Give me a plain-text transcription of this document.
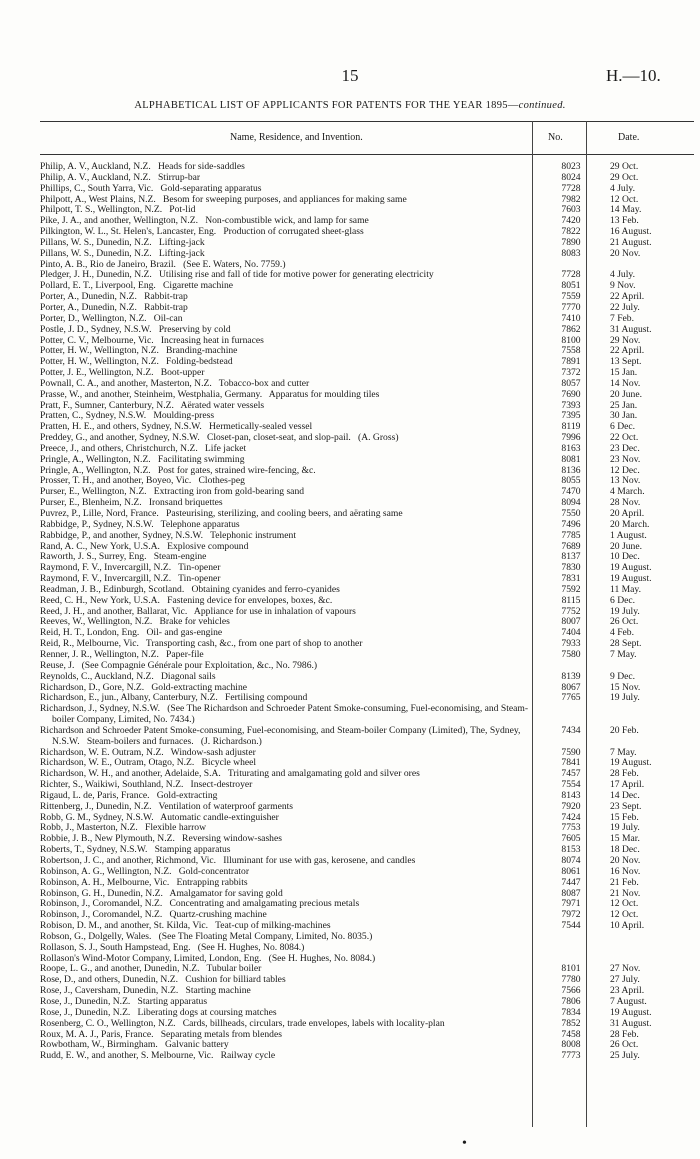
15	H.—10.
ALPHABETICAL LIST OF APPLICANTS FOR PATENTS FOR THE YEAR 1895—continued.
Name, Residence, and Invention.	No.	Date.
Philip, A. V., Auckland, N.Z.   Heads for side-saddles	8023	29 Oct.
Philip, A. V., Auckland, N.Z.   Stirrup-bar	8024	29 Oct.
Phillips, C., South Yarra, Vic.   Gold-separating apparatus	7728	4 July.
Philpott, A., West Plains, N.Z.   Besom for sweeping purposes, and appliances for making same	7982	12 Oct.
Philpott, T. S., Wellington, N.Z.   Pot-lid	7603	14 May.
Pike, J. A., and another, Wellington, N.Z.   Non-combustible wick, and lamp for same	7420	13 Feb.
Pilkington, W. L., St. Helen's, Lancaster, Eng.   Production of corrugated sheet-glass	7822	16 August.
Pillans, W. S., Dunedin, N.Z.   Lifting-jack	7890	21 August.
Pillans, W. S., Dunedin, N.Z.   Lifting-jack	8083	20 Nov.
Pinto, A. B., Rio de Janeiro, Brazil.   (See E. Waters, No. 7759.)
Pledger, J. H., Dunedin, N.Z.   Utilising rise and fall of tide for motive power for generating electricity	7728	4 July.
Pollard, E. T., Liverpool, Eng.   Cigarette machine	8051	9 Nov.
Porter, A., Dunedin, N.Z.   Rabbit-trap	7559	22 April.
Porter, A., Dunedin, N.Z.   Rabbit-trap	7770	22 July.
Porter, D., Wellington, N.Z.   Oil-can	7410	7 Feb.
Postle, J. D., Sydney, N.S.W.   Preserving by cold	7862	31 August.
Potter, C. V., Melbourne, Vic.   Increasing heat in furnaces	8100	29 Nov.
Potter, H. W., Wellington, N.Z.   Branding-machine	7558	22 April.
Potter, H. W., Wellington, N.Z.   Folding-bedstead	7891	13 Sept.
Potter, J. E., Wellington, N.Z.   Boot-upper	7372	15 Jan.
Pownall, C. A., and another, Masterton, N.Z.   Tobacco-box and cutter	8057	14 Nov.
Prasse, W., and another, Steinheim, Westphalia, Germany.   Apparatus for moulding tiles	7690	20 June.
Pratt, F., Sumner, Canterbury, N.Z.   Aërated water vessels	7393	25 Jan.
Pratten, C., Sydney, N.S.W.   Moulding-press	7395	30 Jan.
Pratten, H. E., and others, Sydney, N.S.W.   Hermetically-sealed vessel	8119	6 Dec.
Preddey, G., and another, Sydney, N.S.W.   Closet-pan, closet-seat, and slop-pail.   (A. Gross)	7996	22 Oct.
Preece, J., and others, Christchurch, N.Z.   Life jacket	8163	23 Dec.
Pringle, A., Wellington, N.Z.   Facilitating swimming	8081	23 Nov.
Pringle, A., Wellington, N.Z.   Post for gates, strained wire-fencing, &c.	8136	12 Dec.
Prosser, T. H., and another, Boyeo, Vic.   Clothes-peg	8055	13 Nov.
Purser, E., Wellington, N.Z.   Extracting iron from gold-bearing sand	7470	4 March.
Purser, E., Blenheim, N.Z.   Ironsand briquettes	8094	28 Nov.
Puvrez, P., Lille, Nord, France.   Pasteurising, sterilizing, and cooling beers, and aërating same	7550	20 April.
Rabbidge, P., Sydney, N.S.W.   Telephone apparatus	7496	20 March.
Rabbidge, P., and another, Sydney, N.S.W.   Telephonic instrument	7785	1 August.
Rand, A. C., New York, U.S.A.   Explosive compound	7689	20 June.
Raworth, J. S., Surrey, Eng.   Steam-engine	8137	10 Dec.
Raymond, F. V., Invercargill, N.Z.   Tin-opener	7830	19 August.
Raymond, F. V., Invercargill, N.Z.   Tin-opener	7831	19 August.
Readman, J. B., Edinburgh, Scotland.   Obtaining cyanides and ferro-cyanides	7592	11 May.
Reed, C. H., New York, U.S.A.   Fastening device for envelopes, boxes, &c.	8115	6 Dec.
Reed, J. H., and another, Ballarat, Vic.   Appliance for use in inhalation of vapours	7752	19 July.
Reeves, W., Wellington, N.Z.   Brake for vehicles	8007	26 Oct.
Reid, H. T., London, Eng.   Oil- and gas-engine	7404	4 Feb.
Reid, R., Melbourne, Vic.   Transporting cash, &c., from one part of shop to another	7933	28 Sept.
Renner, J. R., Wellington, N.Z.   Paper-file	7580	7 May.
Reuse, J.   (See Compagnie Générale pour Exploitation, &c., No. 7986.)
Reynolds, C., Auckland, N.Z.   Diagonal sails	8139	9 Dec.
Richardson, D., Gore, N.Z.   Gold-extracting machine	8067	15 Nov.
Richardson, E., jun., Albany, Canterbury, N.Z.   Fertilising compound	7765	19 July.
Richardson, J., Sydney, N.S.W.   (See The Richardson and Schroeder Patent Smoke-consuming, Fuel-economising, and Steam-boiler Company, Limited, No. 7434.)
Richardson and Schroeder Patent Smoke-consuming, Fuel-economising, and Steam-boiler Company (Limited), The, Sydney, N.S.W.   Steam-boilers and furnaces.   (J. Richardson.)
7434	20 Feb.
Richardson, W. E. Outram, N.Z.   Window-sash adjuster	7590	7 May.
Richardson, W. E., Outram, Otago, N.Z.   Bicycle wheel	7841	19 August.
Richardson, W. H., and another, Adelaide, S.A.   Triturating and amalgamating gold and silver ores	7457	28 Feb.
Richter, S., Waikiwi, Southland, N.Z.   Insect-destroyer	7554	17 April.
Rigaud, L. de, Paris, France.   Gold-extracting	8143	14 Dec.
Rittenberg, J., Dunedin, N.Z.   Ventilation of waterproof garments	7920	23 Sept.
Robb, G. M., Sydney, N.S.W.   Automatic candle-extinguisher	7424	15 Feb.
Robb, J., Masterton, N.Z.   Flexible harrow	7753	19 July.
Robbie, J. B., New Plymouth, N.Z.   Reversing window-sashes	7605	15 Mar.
Roberts, T., Sydney, N.S.W.   Stamping apparatus	8153	18 Dec.
Robertson, J. C., and another, Richmond, Vic.   Illuminant for use with gas, kerosene, and candles	8074	20 Nov.
Robinson, A. G., Wellington, N.Z.   Gold-concentrator	8061	16 Nov.
Robinson, A. H., Melbourne, Vic.   Entrapping rabbits	7447	21 Feb.
Robinson, G. H., Dunedin, N.Z.   Amalgamator for saving gold	8087	21 Nov.
Robinson, J., Coromandel, N.Z.   Concentrating and amalgamating precious metals	7971	12 Oct.
Robinson, J., Coromandel, N.Z.   Quartz-crushing machine	7972	12 Oct.
Robison, D. M., and another, St. Kilda, Vic.   Teat-cup of milking-machines	7544	10 April.
Robson, G., Dolgelly, Wales.   (See The Floating Metal Company, Limited, No. 8035.)
Rollason, S. J., South Hampstead, Eng.   (See H. Hughes, No. 8084.)
Rollason's Wind-Motor Company, Limited, London, Eng.   (See H. Hughes, No. 8084.)
Roope, L. G., and another, Dunedin, N.Z.   Tubular boiler	8101	27 Nov.
Rose, D., and others, Dunedin, N.Z.   Cushion for billiard tables	7780	27 July.
Rose, J., Caversham, Dunedin, N.Z.   Starting machine	7566	23 April.
Rose, J., Dunedin, N.Z.   Starting apparatus	7806	7 August.
Rose, J., Dunedin, N.Z.   Liberating dogs at coursing matches	7834	19 August.
Rosenberg, C. O., Wellington, N.Z.   Cards, billheads, circulars, trade envelopes, labels with locality-plan	7852	31 August.
Roux, M. A. J., Paris, France.   Separating metals from blendes	7458	28 Feb.
Rowbotham, W., Birmingham.   Galvanic battery	8008	26 Oct.
Rudd, E. W., and another, S. Melbourne, Vic.   Railway cycle	7773	25 July.
•
